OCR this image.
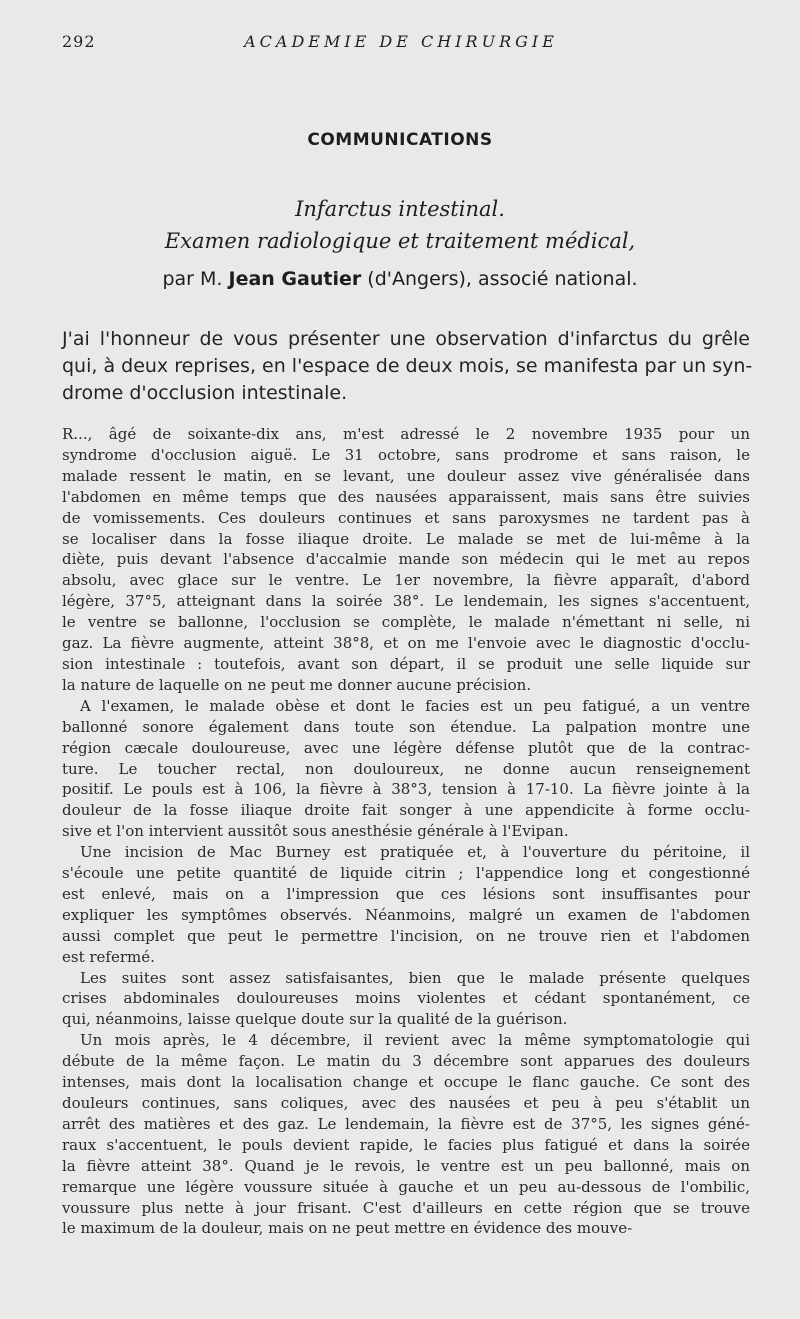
292	ACADEMIE DE CHIRURGIE
COMMUNICATIONS
Infarctus intestinal.
Examen radiologique et traitement médical,
par M. Jean Gautier (d'Angers), associé national.
J'ai l'honneur de vous présenter une observation d'infarctus du grêle
qui, à deux reprises, en l'espace de deux mois, se manifesta par un syn-
drome d'occlusion intestinale.
R..., âgé de soixante-dix ans, m'est adressé le 2 novembre 1935 pour un
syndrome d'occlusion aiguë. Le 31 octobre, sans prodrome et sans raison, le
malade ressent le matin, en se levant, une douleur assez vive généralisée dans
l'abdomen en même temps que des nausées apparaissent, mais sans être suivies
de vomissements. Ces douleurs continues et sans paroxysmes ne tardent pas à
se localiser dans la fosse iliaque droite. Le malade se met de lui-même à la
diète, puis devant l'absence d'accalmie mande son médecin qui le met au repos
absolu, avec glace sur le ventre. Le 1er novembre, la fièvre apparaît, d'abord
légère, 37°5, atteignant dans la soirée 38°. Le lendemain, les signes s'accentuent,
le ventre se ballonne, l'occlusion se complète, le malade n'émettant ni selle, ni
gaz. La fièvre augmente, atteint 38°8, et on me l'envoie avec le diagnostic d'occlu-
sion intestinale : toutefois, avant son départ, il se produit une selle liquide sur
la nature de laquelle on ne peut me donner aucune précision.
A l'examen, le malade obèse et dont le facies est un peu fatigué, a un ventre
ballonné sonore également dans toute son étendue. La palpation montre une
région cæcale douloureuse, avec une légère défense plutôt que de la contrac-
ture. Le toucher rectal, non douloureux, ne donne aucun renseignement
positif. Le pouls est à 106, la fièvre à 38°3, tension à 17-10. La fièvre jointe à la
douleur de la fosse iliaque droite fait songer à une appendicite à forme occlu-
sive et l'on intervient aussitôt sous anesthésie générale à l'Evipan.
Une incision de Mac Burney est pratiquée et, à l'ouverture du péritoine, il
s'écoule une petite quantité de liquide citrin ; l'appendice long et congestionné
est enlevé, mais on a l'impression que ces lésions sont insuffisantes pour
expliquer les symptômes observés. Néanmoins, malgré un examen de l'abdomen
aussi complet que peut le permettre l'incision, on ne trouve rien et l'abdomen
est refermé.
Les suites sont assez satisfaisantes, bien que le malade présente quelques
crises abdominales douloureuses moins violentes et cédant spontanément, ce
qui, néanmoins, laisse quelque doute sur la qualité de la guérison.
Un mois après, le 4 décembre, il revient avec la même symptomatologie qui
débute de la même façon. Le matin du 3 décembre sont apparues des douleurs
intenses, mais dont la localisation change et occupe le flanc gauche. Ce sont des
douleurs continues, sans coliques, avec des nausées et peu à peu s'établit un
arrêt des matières et des gaz. Le lendemain, la fièvre est de 37°5, les signes géné-
raux s'accentuent, le pouls devient rapide, le facies plus fatigué et dans la soirée
la fièvre atteint 38°. Quand je le revois, le ventre est un peu ballonné, mais on
remarque une légère voussure située à gauche et un peu au-dessous de l'ombilic,
voussure plus nette à jour frisant. C'est d'ailleurs en cette région que se trouve
le maximum de la douleur, mais on ne peut mettre en évidence des mouve-
